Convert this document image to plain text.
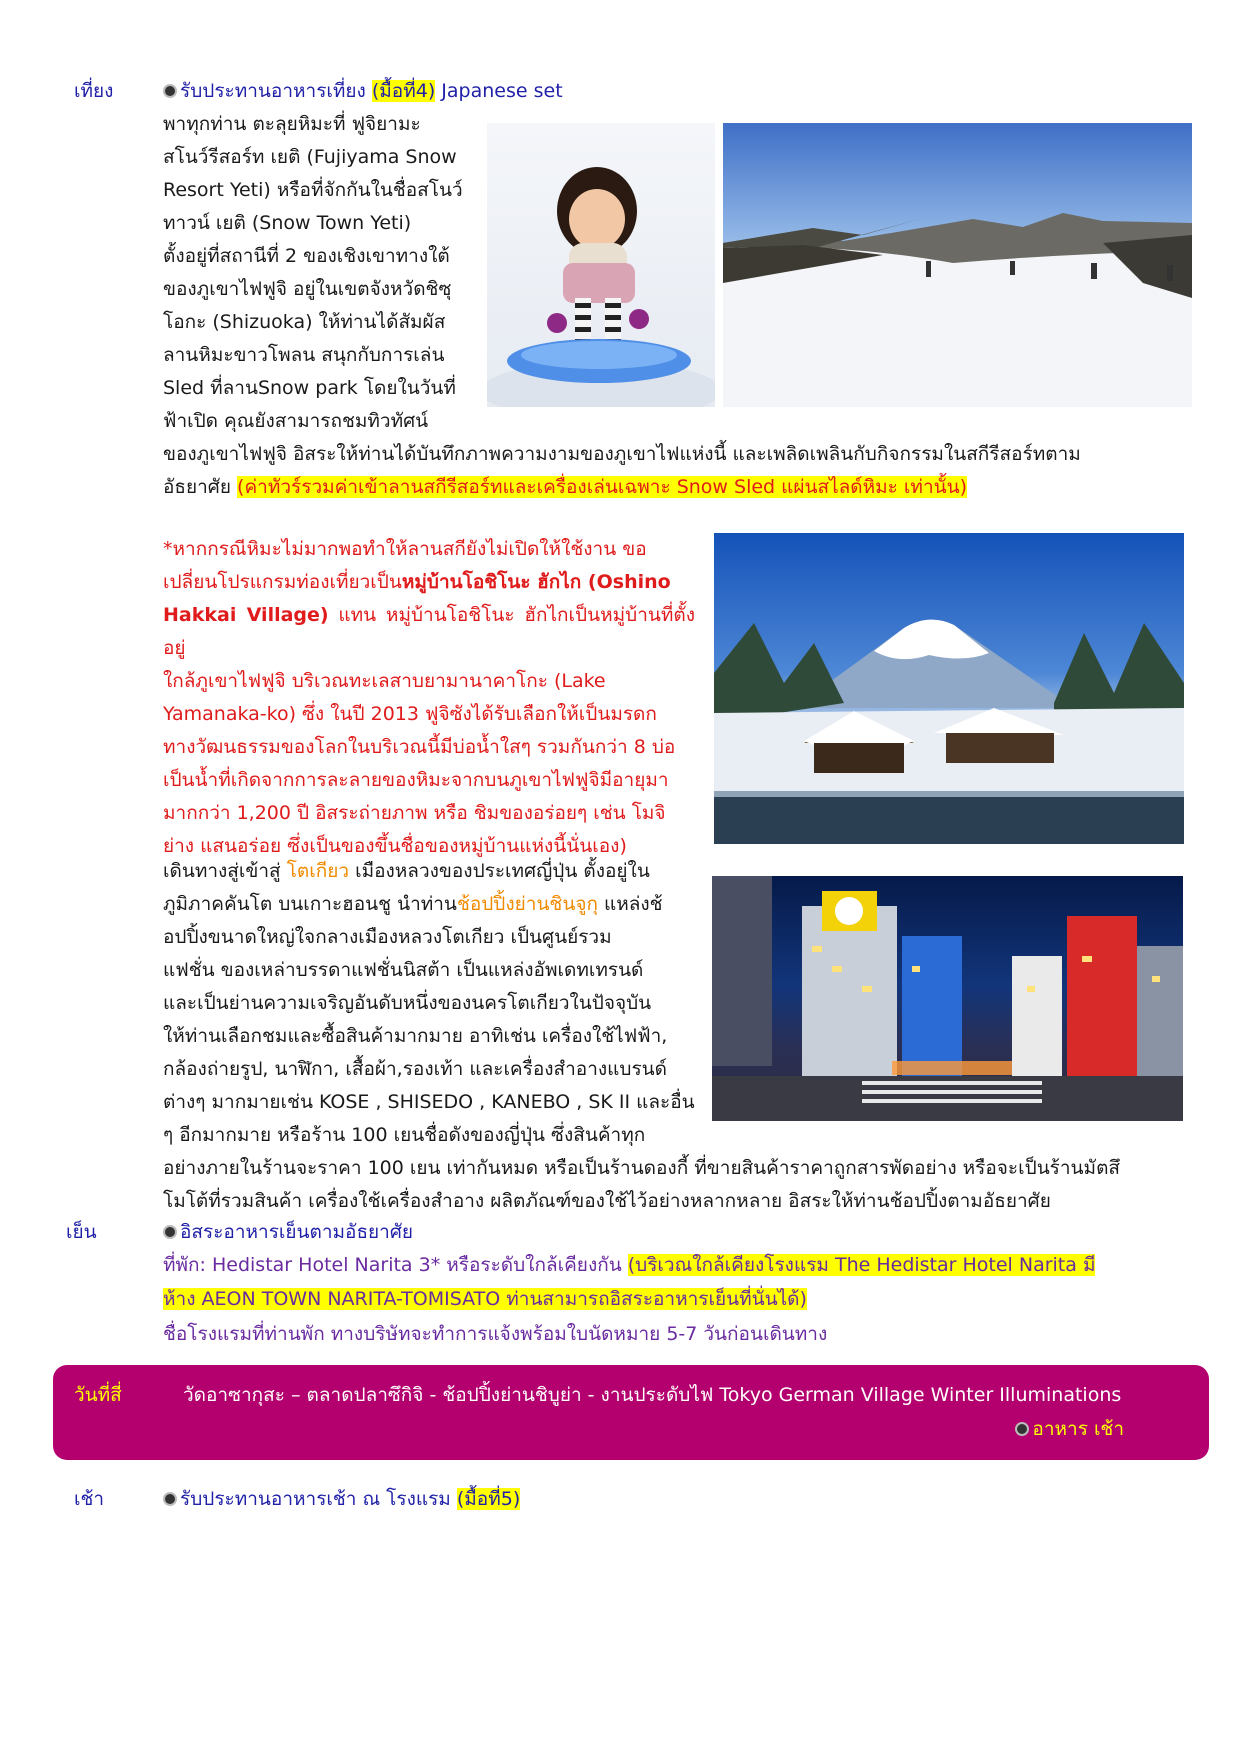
เที่ยง	รับประทานอาหารเที่ยง (มื้อที่4) Japanese set
พาทุกท่าน ตะลุยหิมะที่ ฟูจิยามะ
สโนว์รีสอร์ท เยติ (Fujiyama Snow
Resort Yeti) หรือที่จักกันในชื่อสโนว์
ทาวน์ เยติ (Snow Town Yeti)
ตั้งอยู่ที่สถานีที่ 2 ของเชิงเขาทางใต้
ของภูเขาไฟฟูจิ อยู่ในเขตจังหวัดชิซุ
โอกะ (Shizuoka) ให้ท่านได้สัมผัส
ลานหิมะขาวโพลน สนุกกับการเล่น
Sled ที่ลานSnow park โดยในวันที่
ฟ้าเปิด คุณยังสามารถชมทิวทัศน์
ของภูเขาไฟฟูจิ อิสระให้ท่านได้บันทึกภาพความงามของภูเขาไฟแห่งนี้ และเพลิดเพลินกับกิจกรรมในสกีรีสอร์ทตาม
อัธยาศัย (ค่าทัวร์รวมค่าเข้าลานสกีรีสอร์ทและเครื่องเล่นเฉพาะ Snow Sled แผ่นสไลด์หิมะ เท่านั้น)
*หากกรณีหิมะไม่มากพอทำให้ลานสกียังไม่เปิดให้ใช้งาน ขอ
เปลี่ยนโปรแกรมท่องเที่ยวเป็นหมู่บ้านโอชิโนะ ฮักไก (Oshino
Hakkai Village) แทน หมู่บ้านโอชิโนะ ฮักไกเป็นหมู่บ้านที่ตั้งอยู่
ใกล้ภูเขาไฟฟูจิ บริเวณทะเลสาบยามานาคาโกะ (Lake
Yamanaka-ko) ซึ่ง ในปี 2013 ฟูจิซังได้รับเลือกให้เป็นมรดก
ทางวัฒนธรรมของโลกในบริเวณนี้มีบ่อน้ำใสๆ รวมกันกว่า 8 บ่อ
เป็นน้ำที่เกิดจากการละลายของหิมะจากบนภูเขาไฟฟูจิมีอายุมา
มากกว่า 1,200 ปี อิสระถ่ายภาพ หรือ ชิมของอร่อยๆ เช่น โมจิ
ย่าง แสนอร่อย ซึ่งเป็นของขึ้นชื่อของหมู่บ้านแห่งนี้นั่นเอง)
เดินทางสู่เข้าสู่ โตเกียว เมืองหลวงของประเทศญี่ปุ่น ตั้งอยู่ใน
ภูมิภาคคันโต บนเกาะฮอนชู นำท่านช้อปปิ้งย่านชินจูกุ แหล่งช้
อปปิ้งขนาดใหญ่ใจกลางเมืองหลวงโตเกียว เป็นศูนย์รวม
แฟชั่น ของเหล่าบรรดาแฟชั่นนิสต้า เป็นแหล่งอัพเดทเทรนด์
และเป็นย่านความเจริญอันดับหนึ่งของนครโตเกียวในปัจจุบัน
ให้ท่านเลือกชมและซื้อสินค้ามากมาย อาทิเช่น เครื่องใช้ไฟฟ้า,
กล้องถ่ายรูป, นาฬิกา, เสื้อผ้า,รองเท้า และเครื่องสำอางแบรนด์
ต่างๆ มากมายเช่น KOSE , SHISEDO , KANEBO , SK II และอื่น
ๆ อีกมากมาย หรือร้าน 100 เยนชื่อดังของญี่ปุ่น ซึ่งสินค้าทุก
อย่างภายในร้านจะราคา 100 เยน เท่ากันหมด หรือเป็นร้านดองกี้ ที่ขายสินค้าราคาถูกสารพัดอย่าง หรือจะเป็นร้านมัตสึ
โมโต้ที่รวมสินค้า เครื่องใช้เครื่องสำอาง ผลิตภัณฑ์ของใช้ไว้อย่างหลากหลาย อิสระให้ท่านช้อปปิ้งตามอัธยาศัย
เย็น	อิสระอาหารเย็นตามอัธยาศัย
ที่พัก: Hedistar Hotel Narita 3* หรือระดับใกล้เคียงกัน (บริเวณใกล้เคียงโรงแรม The Hedistar Hotel Narita มี
ห้าง AEON TOWN NARITA-TOMISATO ท่านสามารถอิสระอาหารเย็นที่นั่นได้)
ชื่อโรงแรมที่ท่านพัก ทางบริษัทจะทำการแจ้งพร้อมใบนัดหมาย 5-7 วันก่อนเดินทาง
วันที่สี่	วัดอาซากุสะ – ตลาดปลาซึกิจิ - ช้อปปิ้งย่านชิบูย่า - งานประดับไฟ Tokyo German Village Winter Illuminations
อาหาร เช้า
เช้า	รับประทานอาหารเช้า ณ โรงแรม (มื้อที่5)
